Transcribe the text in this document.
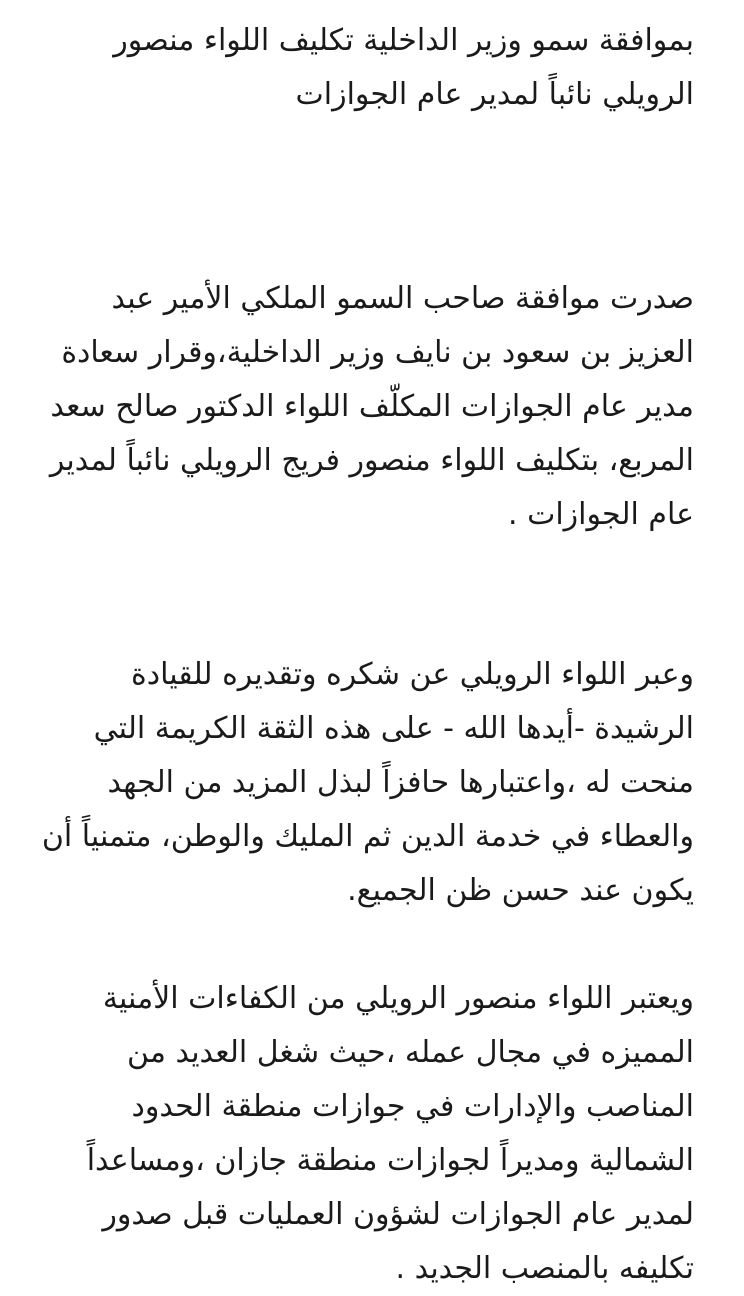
بموافقة سمو وزير الداخلية تكليف اللواء منصور الرويلي نائباً لمدير عام الجوازات

صدرت موافقة صاحب السمو الملكي الأمير عبد العزيز بن سعود بن نايف وزير الداخلية،وقرار سعادة مدير عام الجوازات المكلّف اللواء الدكتور صالح سعد المربع، بتكليف اللواء منصور فريج الرويلي نائباً لمدير عام الجوازات .

وعبر اللواء الرويلي عن شكره وتقديره للقيادة الرشيدة -أيدها الله - على هذه الثقة الكريمة التي منحت له ،واعتبارها حافزاً لبذل المزيد من الجهد والعطاء في خدمة الدين ثم المليك والوطن، متمنياً أن يكون عند حسن ظن الجميع.

ويعتبر اللواء منصور الرويلي من الكفاءات الأمنية المميزه في مجال عمله ،حيث شغل العديد من المناصب والإدارات في جوازات منطقة الحدود الشمالية ومديراً لجوازات منطقة جازان ،ومساعداً لمدير عام الجوازات لشؤون العمليات قبل صدور تكليفه بالمنصب الجديد .
